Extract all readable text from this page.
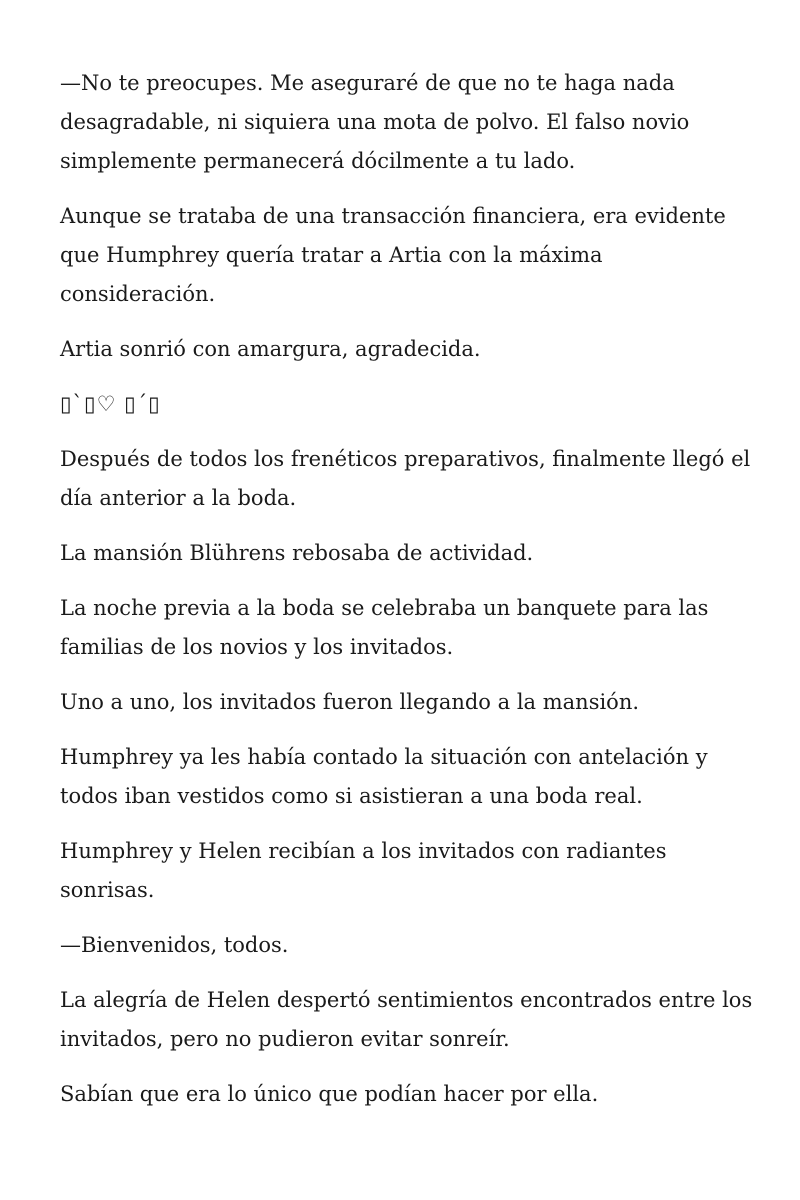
—No te preocupes. Me aseguraré de que no te haga nada desagradable, ni siquiera una mota de polvo. El falso novio simplemente permanecerá dócilmente a tu lado.

Aunque se trataba de una transacción financiera, era evidente que Humphrey quería tratar a Artia con la máxima consideración.

Artia sonrió con amargura, agradecida.

▯`▯♡ ▯´▯

Después de todos los frenéticos preparativos, finalmente llegó el día anterior a la boda.

La mansión Blührens rebosaba de actividad.

La noche previa a la boda se celebraba un banquete para las familias de los novios y los invitados.

Uno a uno, los invitados fueron llegando a la mansión.

Humphrey ya les había contado la situación con antelación y todos iban vestidos como si asistieran a una boda real.

Humphrey y Helen recibían a los invitados con radiantes sonrisas.

—Bienvenidos, todos.

La alegría de Helen despertó sentimientos encontrados entre los invitados, pero no pudieron evitar sonreír.

Sabían que era lo único que podían hacer por ella.
